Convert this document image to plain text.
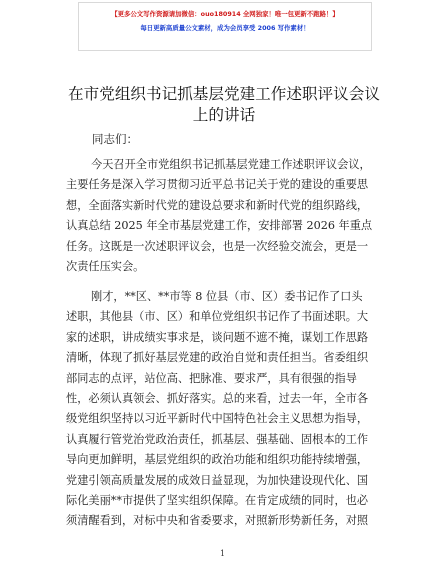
【更多公文写作资源请加微信：ouo180914 全网独家！唯一包更新不跑路！】
每日更新高质量公文素材，成为会员享受 2006 写作素材！
在市党组织书记抓基层党建工作述职评议会议
上的讲话
同志们：
今天召开全市党组织书记抓基层党建工作述职评议会议，
主要任务是深入学习贯彻习近平总书记关于党的建设的重要思
想，全面落实新时代党的建设总要求和新时代党的组织路线，
认真总结 2025 年全市基层党建工作，安排部署 2026 年重点
任务。这既是一次述职评议会，也是一次经验交流会，更是一
次责任压实会。
刚才，**区、**市等 8 位县（市、区）委书记作了口头
述职，其他县（市、区）和单位党组织书记作了书面述职。大
家的述职，讲成绩实事求是，谈问题不遮不掩，谋划工作思路
清晰，体现了抓好基层党建的政治自觉和责任担当。省委组织
部同志的点评，站位高、把脉准、要求严，具有很强的指导
性，必须认真领会、抓好落实。总的来看，过去一年，全市各
级党组织坚持以习近平新时代中国特色社会主义思想为指导，
认真履行管党治党政治责任，抓基层、强基础、固根本的工作
导向更加鲜明，基层党组织的政治功能和组织功能持续增强，
党建引领高质量发展的成效日益显现，为加快建设现代化、国
际化美丽**市提供了坚实组织保障。在肯定成绩的同时，也必
须清醒看到，对标中央和省委要求，对照新形势新任务，对照
1
